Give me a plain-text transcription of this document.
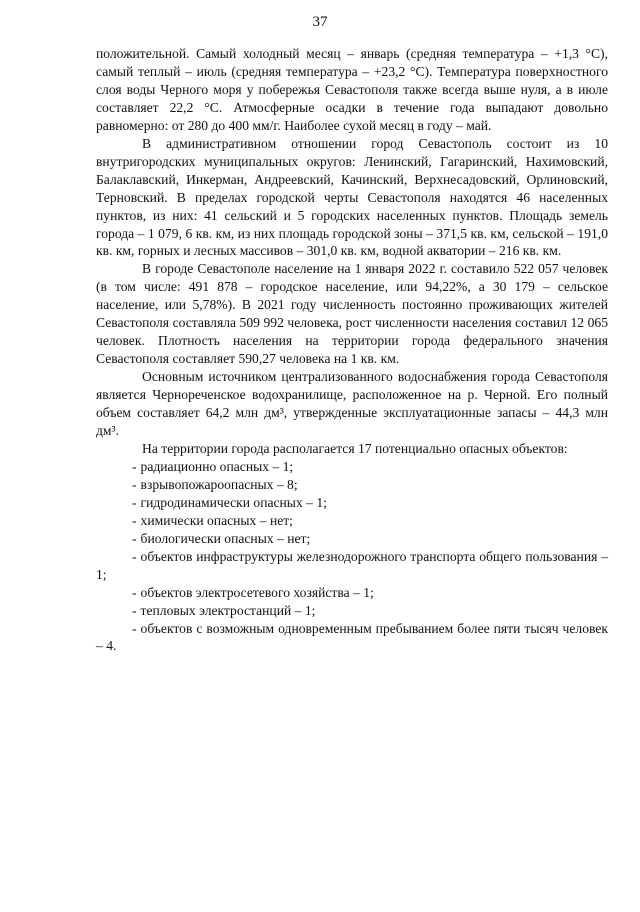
37

положительной. Самый холодный месяц – январь (средняя температура – +1,3 °С), самый теплый – июль (средняя температура – +23,2 °С). Температура поверхностного слоя воды Черного моря у побережья Севастополя также всегда выше нуля, а в июле составляет 22,2 °С. Атмосферные осадки в течение года выпадают довольно равномерно: от 280 до 400 мм/г. Наиболее сухой месяц в году – май.

В административном отношении город Севастополь состоит из 10 внутригородских муниципальных округов: Ленинский, Гагаринский, Нахимовский, Балаклавский, Инкерман, Андреевский, Качинский, Верхнесадовский, Орлиновский, Терновский. В пределах городской черты Севастополя находятся 46 населенных пунктов, из них: 41 сельский и 5 городских населенных пунктов. Площадь земель города – 1 079, 6 кв. км, из них площадь городской зоны – 371,5 кв. км, сельской – 191,0 кв. км, горных и лесных массивов – 301,0 кв. км, водной акватории – 216 кв. км.

В городе Севастополе население на 1 января 2022 г. составило 522 057 человек (в том числе: 491 878 – городское население, или 94,22%, а 30 179 – сельское население, или 5,78%). В 2021 году численность постоянно проживающих жителей Севастополя составляла 509 992 человека, рост численности населения составил 12 065 человек. Плотность населения на территории города федерального значения Севастополя составляет 590,27 человека на 1 кв. км.

Основным источником централизованного водоснабжения города Севастополя является Чернореченское водохранилище, расположенное на р. Черной. Его полный объем составляет 64,2 млн дм³, утвержденные эксплуатационные запасы – 44,3 млн дм³.

На территории города располагается 17 потенциально опасных объектов:

- радиационно опасных – 1;
- взрывопожароопасных – 8;
- гидродинамически опасных – 1;
- химически опасных – нет;
- биологически опасных – нет;
- объектов инфраструктуры железнодорожного транспорта общего пользования – 1;
- объектов электросетевого хозяйства – 1;
- тепловых электростанций – 1;
- объектов с возможным одновременным пребыванием более пяти тысяч человек – 4.
